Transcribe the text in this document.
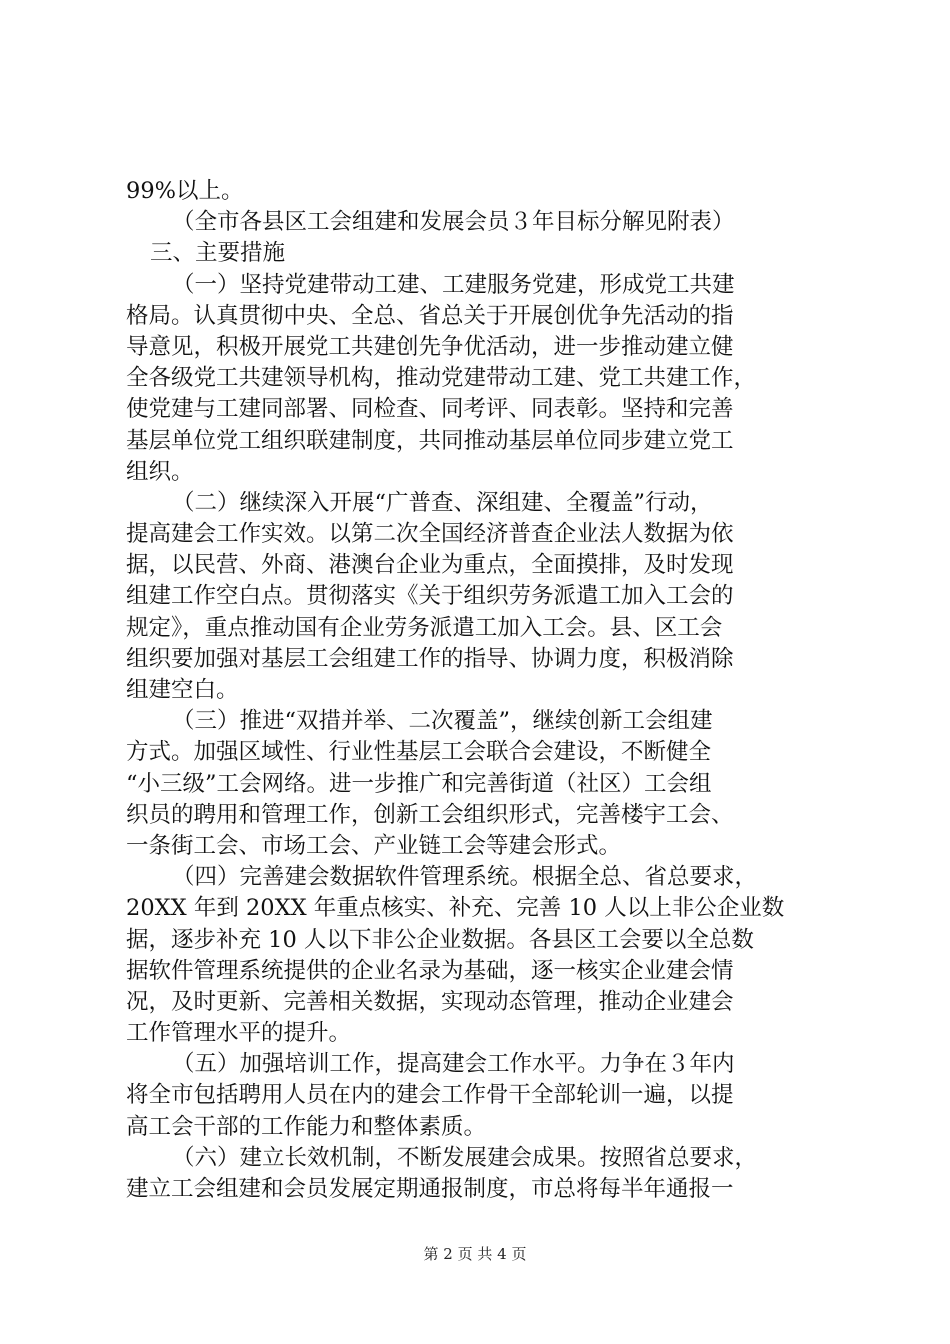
99%以上。
（全市各县区工会组建和发展会员３年目标分解见附表）
三、主要措施
（一）坚持党建带动工建、工建服务党建，形成党工共建
格局。认真贯彻中央、全总、省总关于开展创优争先活动的指
导意见，积极开展党工共建创先争优活动，进一步推动建立健
全各级党工共建领导机构，推动党建带动工建、党工共建工作，
使党建与工建同部署、同检查、同考评、同表彰。坚持和完善
基层单位党工组织联建制度，共同推动基层单位同步建立党工
组织。
（二）继续深入开展“广普查、深组建、全覆盖”行动，
提高建会工作实效。以第二次全国经济普查企业法人数据为依
据，以民营、外商、港澳台企业为重点，全面摸排，及时发现
组建工作空白点。贯彻落实《关于组织劳务派遣工加入工会的
规定》，重点推动国有企业劳务派遣工加入工会。县、区工会
组织要加强对基层工会组建工作的指导、协调力度，积极消除
组建空白。
（三）推进“双措并举、二次覆盖”，继续创新工会组建
方式。加强区域性、行业性基层工会联合会建设，不断健全
“小三级”工会网络。进一步推广和完善街道（社区）工会组
织员的聘用和管理工作，创新工会组织形式，完善楼宇工会、
一条街工会、市场工会、产业链工会等建会形式。
（四）完善建会数据软件管理系统。根据全总、省总要求，
20XX 年到 20XX 年重点核实、补充、完善 10 人以上非公企业数
据，逐步补充 10 人以下非公企业数据。各县区工会要以全总数
据软件管理系统提供的企业名录为基础，逐一核实企业建会情
况，及时更新、完善相关数据，实现动态管理，推动企业建会
工作管理水平的提升。
（五）加强培训工作，提高建会工作水平。力争在３年内
将全市包括聘用人员在内的建会工作骨干全部轮训一遍，以提
高工会干部的工作能力和整体素质。
（六）建立长效机制，不断发展建会成果。按照省总要求，
建立工会组建和会员发展定期通报制度，市总将每半年通报一
第 2 页 共 4 页
